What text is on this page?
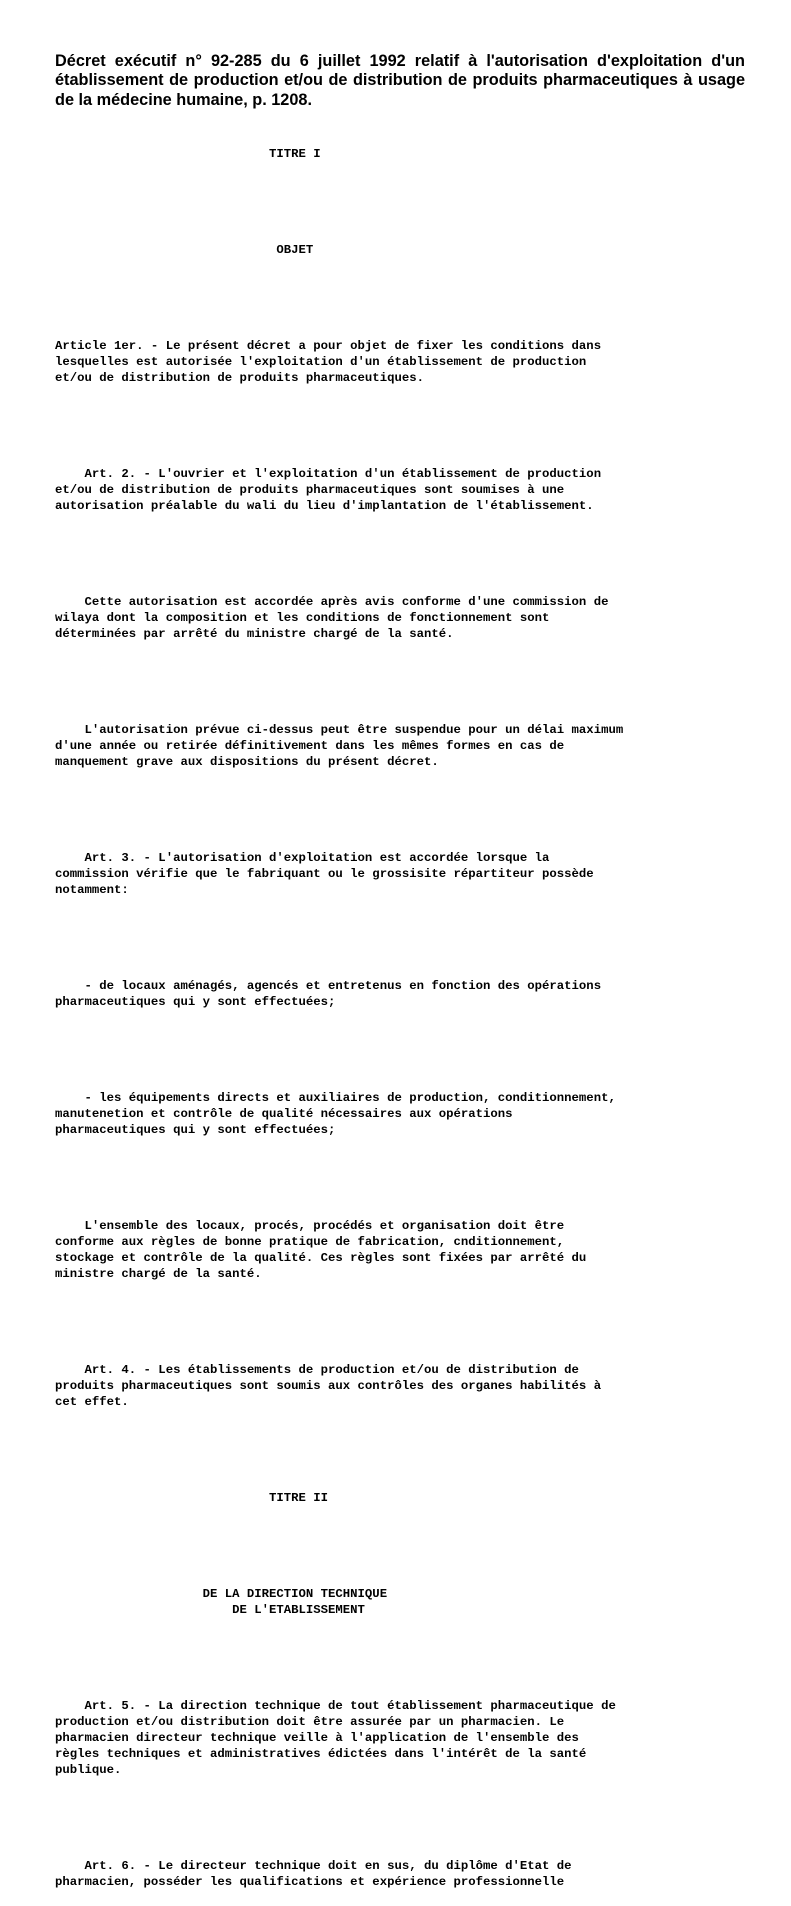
Décret exécutif n° 92-285 du 6 juillet 1992 relatif à l'autorisation d'exploitation d'un établissement de production et/ou de distribution de produits pharmaceutiques à usage de la médecine humaine, p. 1208.

TITRE I

OBJET

Article 1er. - Le présent décret a pour objet de fixer les conditions dans
lesquelles est autorisée l'exploitation d'un établissement de production
et/ou de distribution de produits pharmaceutiques.

Art. 2. - L'ouvrier et l'exploitation d'un établissement de production
et/ou de distribution de produits pharmaceutiques sont soumises à une
autorisation préalable du wali du lieu d'implantation de l'établissement.

Cette autorisation est accordée après avis conforme d'une commission de
wilaya dont la composition et les conditions de fonctionnement sont
déterminées par arrêté du ministre chargé de la santé.

L'autorisation prévue ci-dessus peut être suspendue pour un délai maximum
d'une année ou retirée définitivement dans les mêmes formes en cas de
manquement grave aux dispositions du présent décret.

Art. 3. - L'autorisation d'exploitation est accordée lorsque la
commission vérifie que le fabriquant ou le grossisite répartiteur possède
notamment:

- de locaux aménagés, agencés et entretenus en fonction des opérations
pharmaceutiques qui y sont effectuées;

- les équipements directs et auxiliaires de production, conditionnement,
manutenetion et contrôle de qualité nécessaires aux opérations
pharmaceutiques qui y sont effectuées;

L'ensemble des locaux, procés, procédés et organisation doit être
conforme aux règles de bonne pratique de fabrication, cnditionnement,
stockage et contrôle de la qualité. Ces règles sont fixées par arrêté du
ministre chargé de la santé.

Art. 4. - Les établissements de production et/ou de distribution de
produits pharmaceutiques sont soumis aux contrôles des organes habilités à
cet effet.

TITRE II

DE LA DIRECTION TECHNIQUE
DE L'ETABLISSEMENT

Art. 5. - La direction technique de tout établissement pharmaceutique de
production et/ou distribution doit être assurée par un pharmacien. Le
pharmacien directeur technique veille à l'application de l'ensemble des
règles techniques et administratives édictées dans l'intérêt de la santé
publique.

Art. 6. - Le directeur technique doit en sus, du diplôme d'Etat de
pharmacien, posséder les qualifications et expérience professionnelle
